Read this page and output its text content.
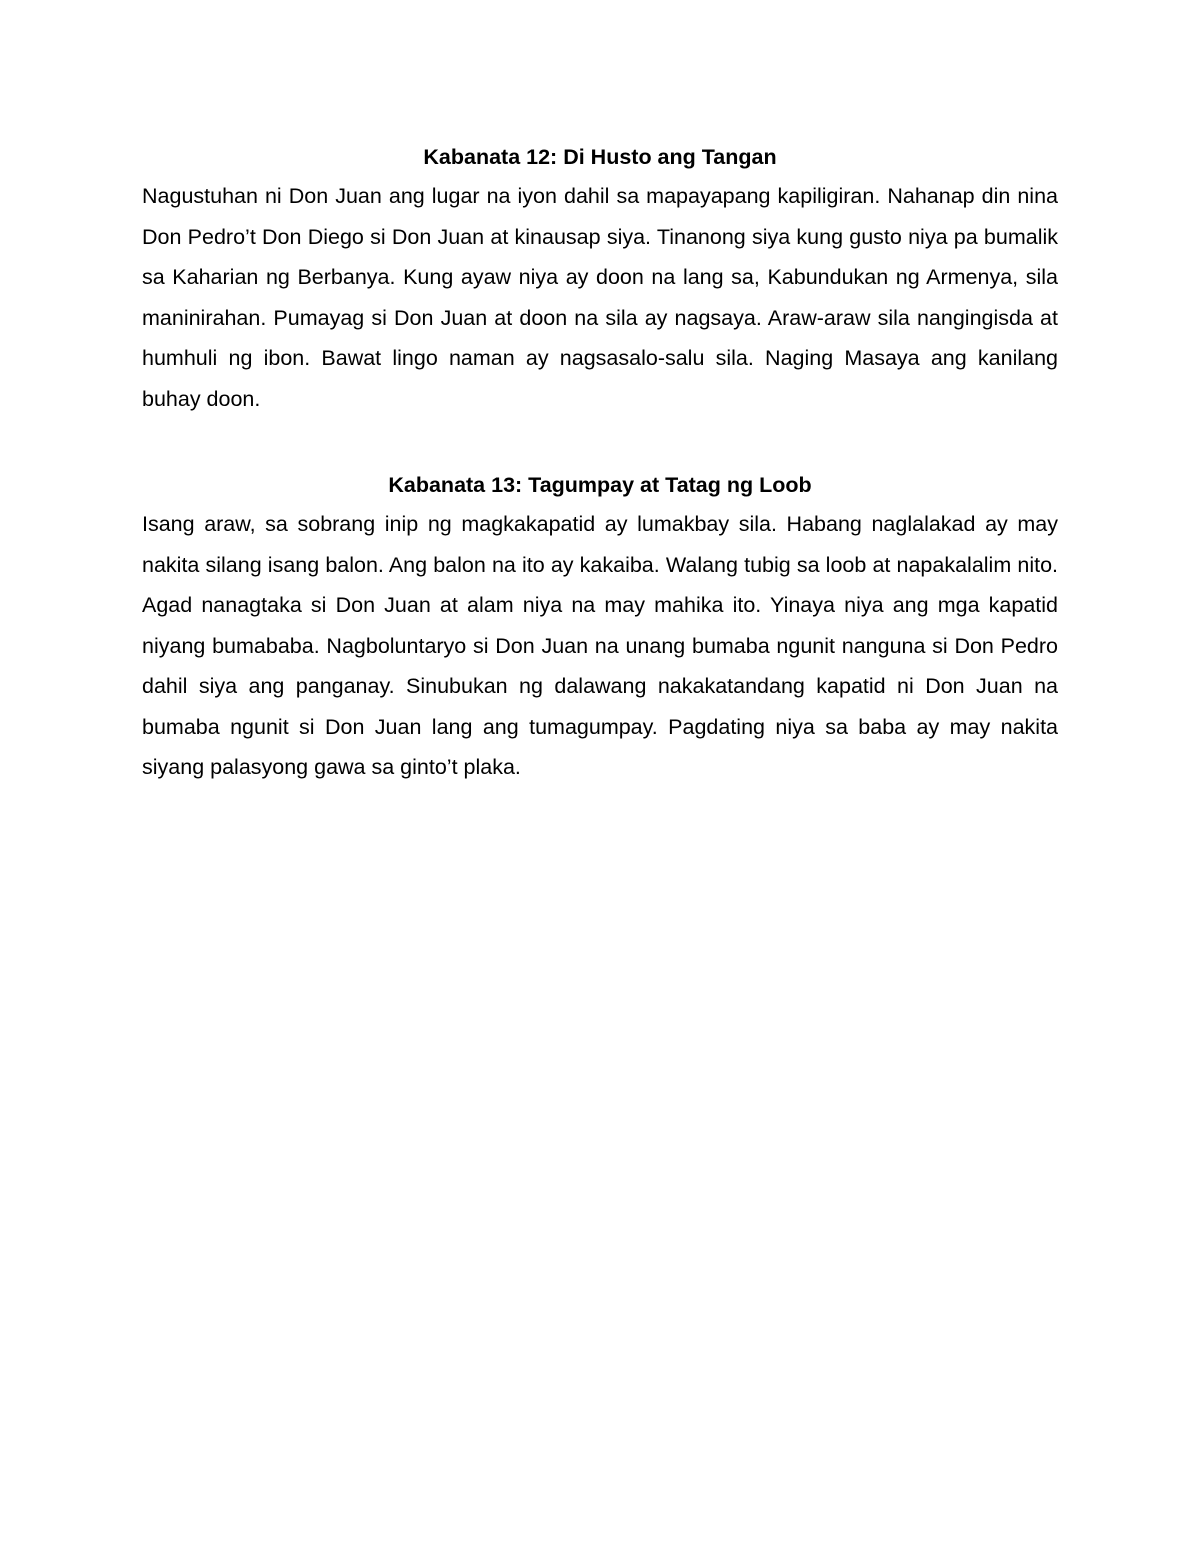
Kabanata 12: Di Husto ang Tangan

Nagustuhan ni Don Juan ang lugar na iyon dahil sa mapayapang kapiligiran. Nahanap din nina Don Pedro’t Don Diego si Don Juan at kinausap siya. Tinanong siya kung gusto niya pa bumalik sa Kaharian ng Berbanya. Kung ayaw niya ay doon na lang sa, Kabundukan ng Armenya, sila maninirahan. Pumayag si Don Juan at doon na sila ay nagsaya. Araw-araw sila nangingisda at humhuli ng ibon. Bawat lingo naman ay nagsasalo-salu sila. Naging Masaya ang kanilang buhay doon.

Kabanata 13: Tagumpay at Tatag ng Loob

Isang araw, sa sobrang inip ng magkakapatid ay lumakbay sila. Habang naglalakad ay may nakita silang isang balon. Ang balon na ito ay kakaiba. Walang tubig sa loob at napakalalim nito. Agad nanagtaka si Don Juan at alam niya na may mahika ito. Yinaya niya ang mga kapatid niyang bumababa. Nagboluntaryo si Don Juan na unang bumaba ngunit nanguna si Don Pedro dahil siya ang panganay. Sinubukan ng dalawang nakakatandang kapatid ni Don Juan na bumaba ngunit si Don Juan lang ang tumagumpay. Pagdating niya sa baba ay may nakita siyang palasyong gawa sa ginto’t plaka.
